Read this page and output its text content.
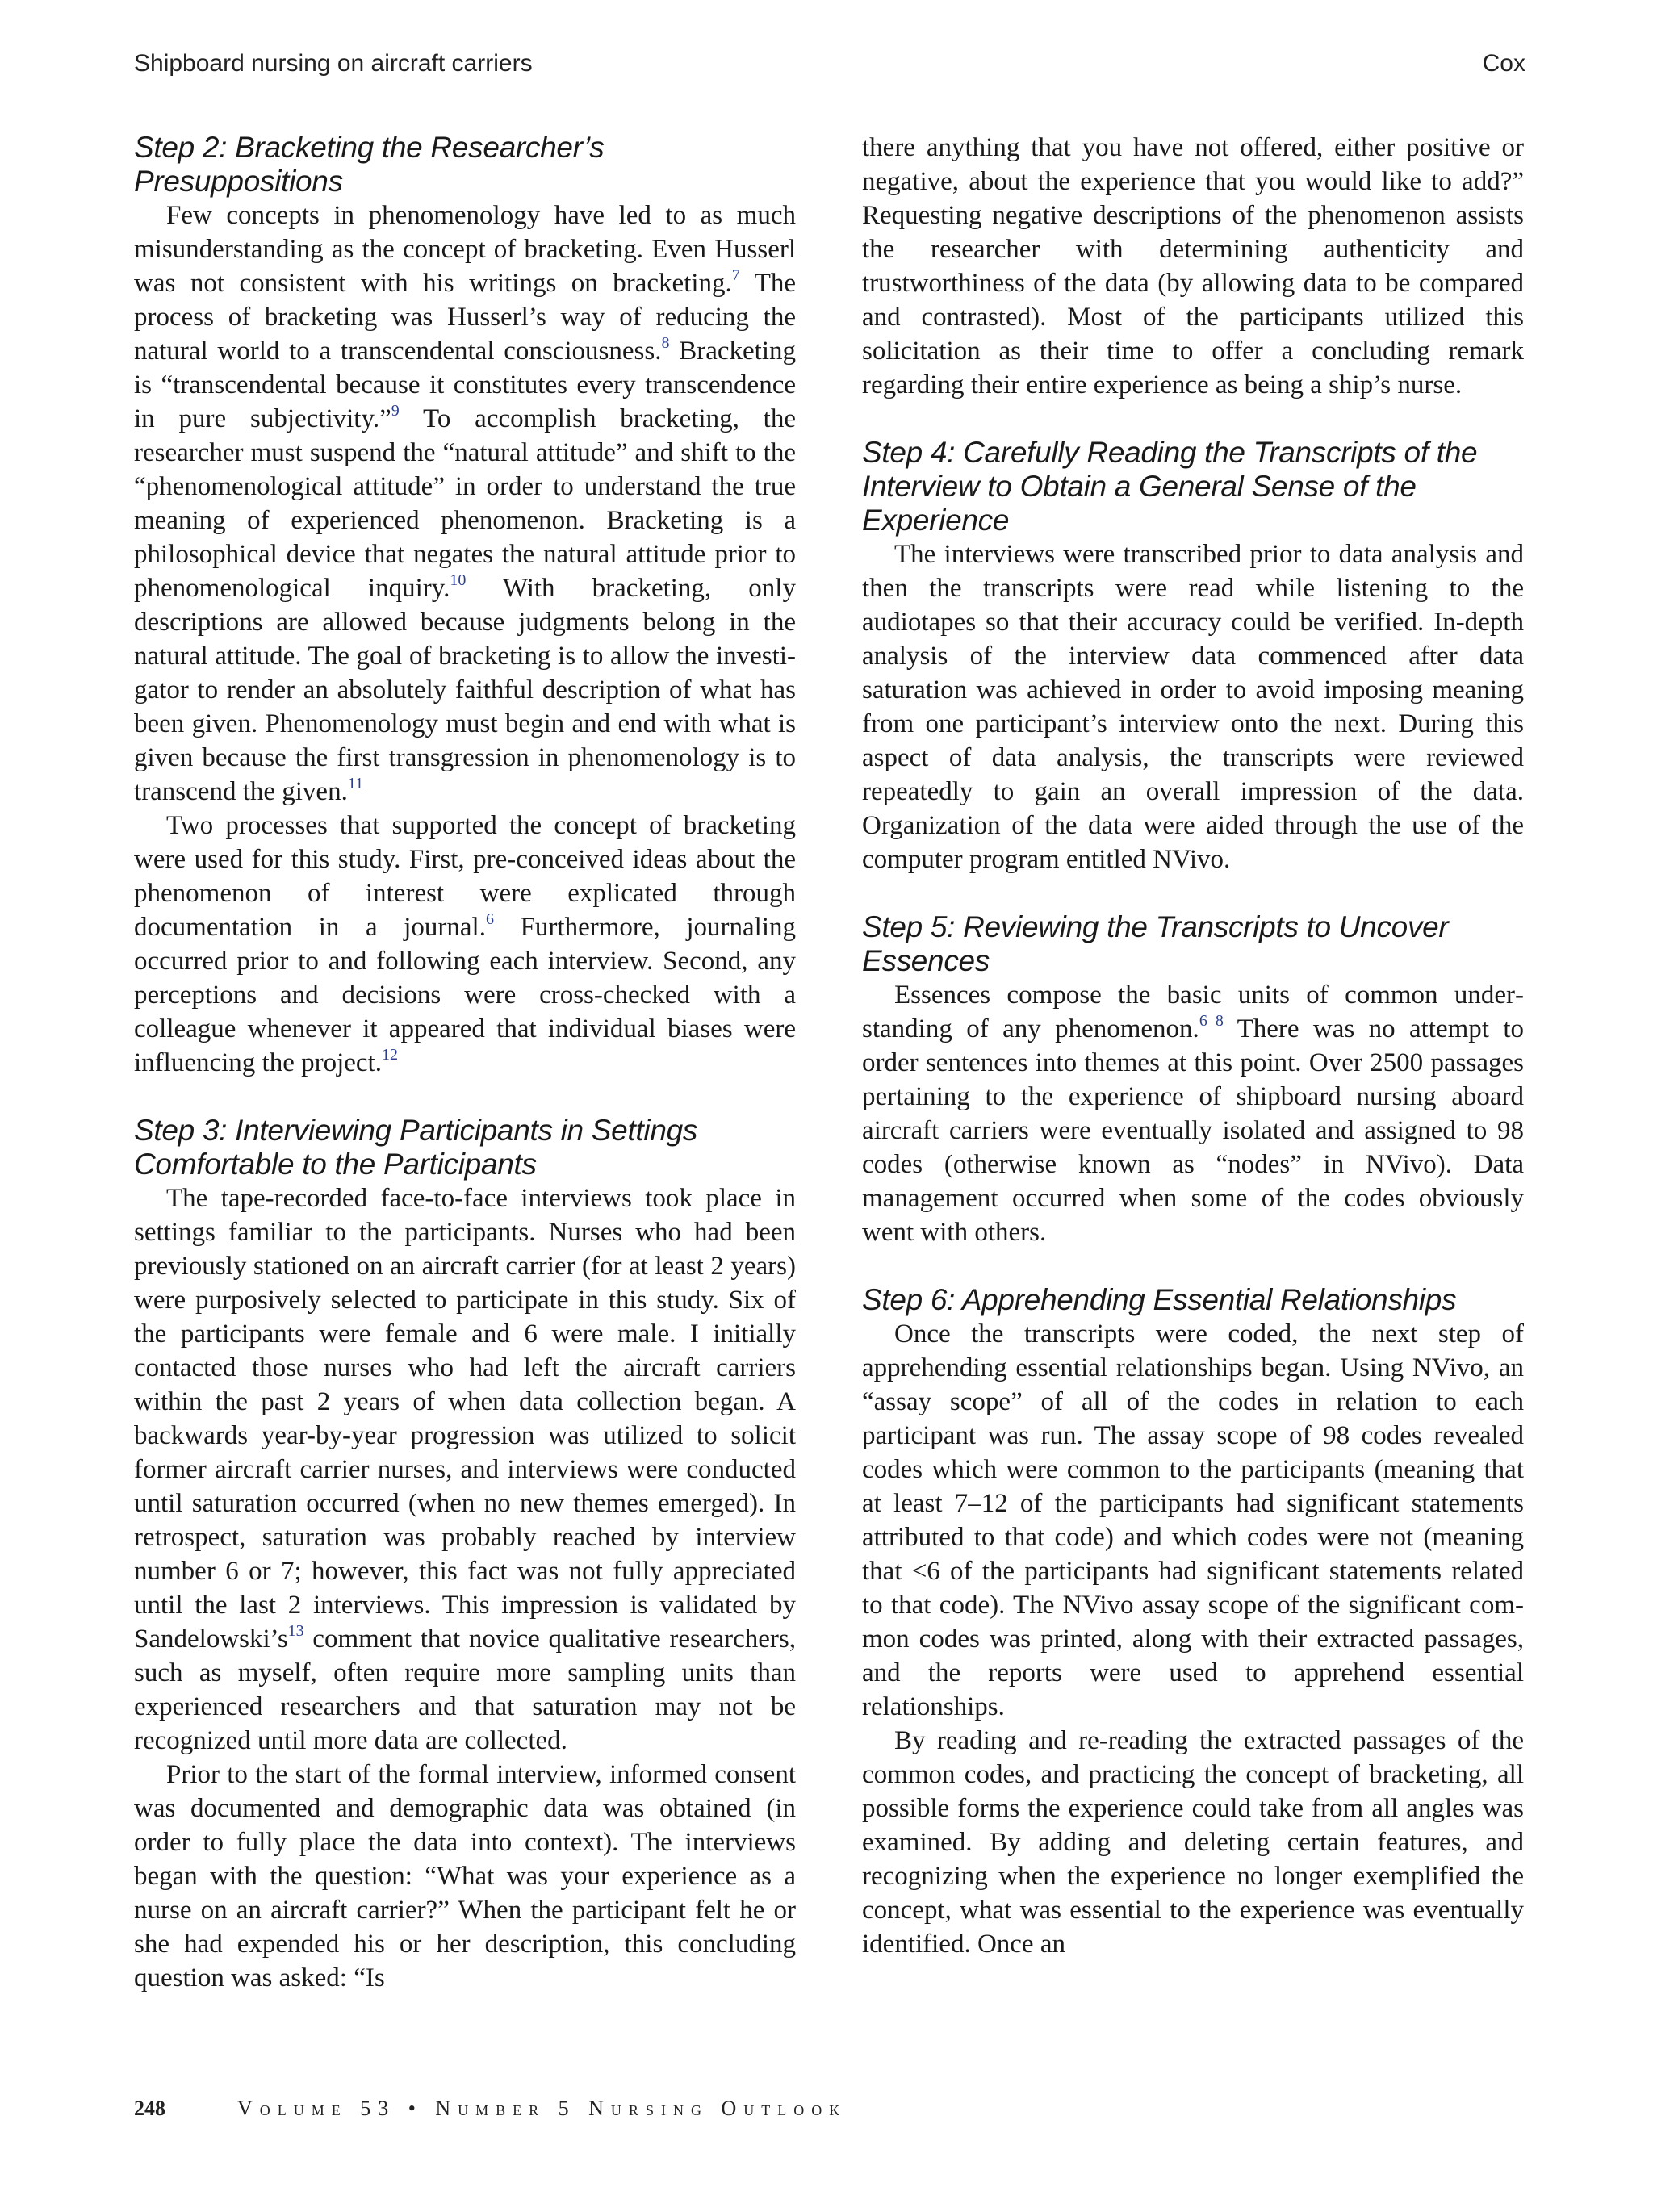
Shipboard nursing on aircraft carriers	Cox
Step 2: Bracketing the Researcher’s Presuppositions

Few concepts in phenomenology have led to as much misunderstanding as the concept of bracketing. Even Husserl was not consistent with his writings on bracketing.$^7$ The process of bracketing was Husserl’s way of reducing the natural world to a transcendental consciousness.$^8$ Bracketing is “transcendental because it constitutes every transcendence in pure subjectivity.”$^9$ To accomplish bracketing, the researcher must suspend the “natural attitude” and shift to the “phenomenological attitude” in order to understand the true meaning of experienced phenomenon. Bracketing is a philosophical device that negates the natural attitude prior to phenomenological inquiry.$^{10}$ With bracketing, only descriptions are allowed because judgments belong in the natural attitude. The goal of bracketing is to allow the investigator to render an absolutely faithful description of what has been given. Phenomenology must begin and end with what is given because the first transgression in phenomenology is to transcend the given.$^{11}$

Two processes that supported the concept of bracketing were used for this study. First, pre-conceived ideas about the phenomenon of interest were explicated through documentation in a journal.$^6$ Furthermore, journaling occurred prior to and following each interview. Second, any perceptions and decisions were cross-checked with a colleague whenever it appeared that individual biases were influencing the project.$^{12}$

Step 3: Interviewing Participants in Settings Comfortable to the Participants

The tape-recorded face-to-face interviews took place in settings familiar to the participants. Nurses who had been previously stationed on an aircraft carrier (for at least 2 years) were purposively selected to participate in this study. Six of the participants were female and 6 were male. I initially contacted those nurses who had left the aircraft carriers within the past 2 years of when data collection began. A backwards year-by-year progression was utilized to solicit former aircraft carrier nurses, and interviews were conducted until saturation occurred (when no new themes emerged). In retrospect, saturation was probably reached by interview number 6 or 7; however, this fact was not fully appreciated until the last 2 interviews. This impression is validated by $Sandelowski’s^{13}$ comment that novice qualitative researchers, such as myself, often require more sampling units than experienced researchers and that saturation may not be recognized until more data are collected.

Prior to the start of the formal interview, informed consent was documented and demographic data was obtained (in order to fully place the data into context). The interviews began with the question: “What was your experience as a nurse on an aircraft carrier?” When the participant felt he or she had expended his or her description, this concluding question was asked: “Is

there anything that you have not offered, either positive or negative, about the experience that you would like to add?” Requesting negative descriptions of the phenomenon assists the researcher with determining authenticity and trustworthiness of the data (by allowing data to be compared and contrasted). Most of the participants utilized this solicitation as their time to offer a concluding remark regarding their entire experience as being a ship’s nurse.

Step 4: Carefully Reading the Transcripts of the Interview to Obtain a General Sense of the Experience

The interviews were transcribed prior to data analysis and then the transcripts were read while listening to the audiotapes so that their accuracy could be verified. In-depth analysis of the interview data commenced after data saturation was achieved in order to avoid imposing meaning from one participant’s interview onto the next. During this aspect of data analysis, the transcripts were reviewed repeatedly to gain an overall impression of the data. Organization of the data were aided through the use of the computer program entitled NVivo.

Step 5: Reviewing the Transcripts to Uncover Essences

Essences compose the basic units of common understanding of any phenomenon.$^{6-8}$ There was no attempt to order sentences into themes at this point. Over 2500 passages pertaining to the experience of shipboard nursing aboard aircraft carriers were eventually isolated and assigned to 98 codes (otherwise known as “nodes” in NVivo). Data management occurred when some of the codes obviously went with others.

Step 6: Apprehending Essential Relationships

Once the transcripts were coded, the next step of apprehending essential relationships began. Using NVivo, an “assay scope” of all of the codes in relation to each participant was run. The assay scope of 98 codes revealed codes which were common to the participants (meaning that at least 7–12 of the participants had significant statements attributed to that code) and which codes were not (meaning that <6 of the participants had significant statements related to that code). The NVivo assay scope of the significant common codes was printed, along with their extracted passages, and the reports were used to apprehend essential relationships.

By reading and re-reading the extracted passages of the common codes, and practicing the concept of bracketing, all possible forms the experience could take from all angles was examined. By adding and deleting certain features, and recognizing when the experience no longer exemplified the concept, what was essential to the experience was eventually identified. Once an

248	Volume 53 • Number 5 Nursing Outlook
